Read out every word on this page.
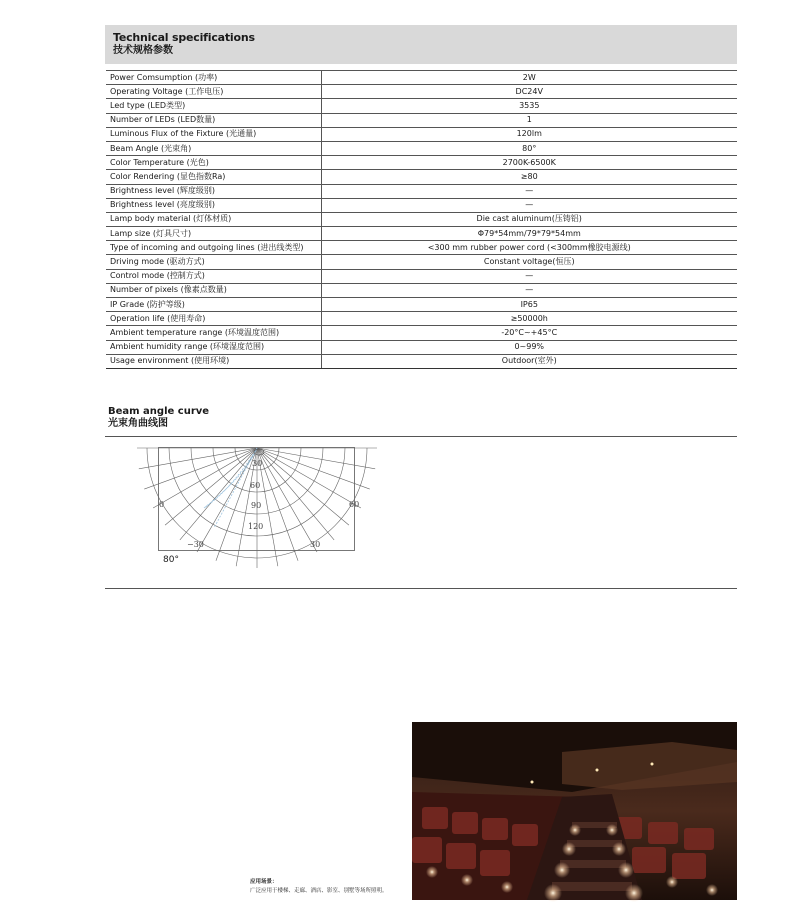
Technical specifications
技术规格参数
Power Comsumption (功率)	2W
Operating Voltage (工作电压)	DC24V
Led type (LED类型)	3535
Number of LEDs (LED数量)	1
Luminous Flux of the Fixture (光通量)	120lm
Beam Angle (光束角)	80°
Color Temperature (光色)	2700K-6500K
Color Rendering (显色指数Ra)	≥80
Brightness level (辉度级别)	—
Brightness level (亮度级别)	—
Lamp body material (灯体材质)	Die cast aluminum(压铸铝)
Lamp size (灯具尺寸)	Φ79*54mm/79*79*54mm
Type of incoming and outgoing lines (进出线类型)	<300 mm rubber power cord (<300mm橡胶电源线)
Driving mode (驱动方式)	Constant voltage(恒压)
Control mode (控制方式)	—
Number of pixels (像素点数量)	—
IP Grade (防护等级)	IP65
Operation life (使用寿命)	≥50000h
Ambient temperature range (环境温度范围)	-20°C~+45°C
Ambient humidity range (环境湿度范围)	0~99%
Usage environment (使用环境)	Outdoor(室外)
Beam angle curve
光束角曲线图
30
60
90
120
−30	30
0	60
80°
应用场景：
广泛应用于楼梯、走廊、酒店、影室、别墅等场所照明。
